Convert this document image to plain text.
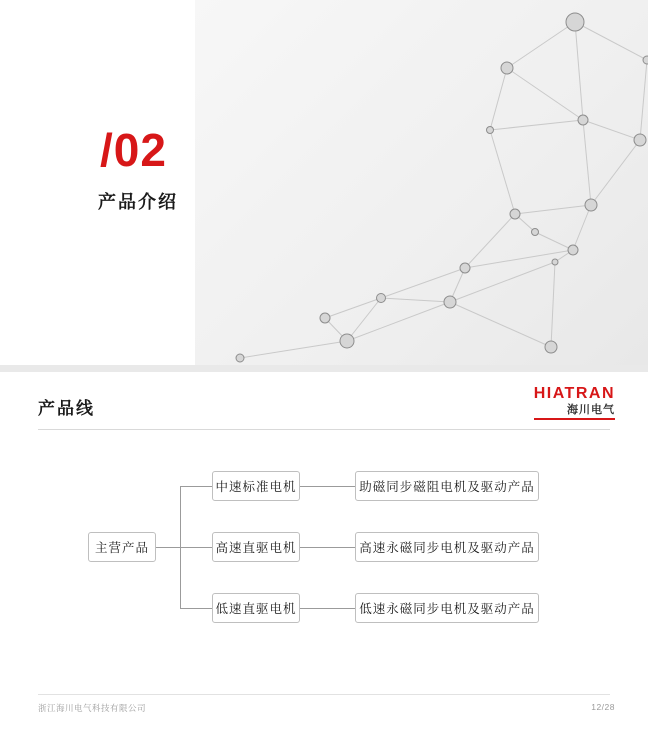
/02
产品介绍
产品线
HIATRAN
海川电气
主营产品
中速标准电机
高速直驱电机
低速直驱电机
助磁同步磁阻电机及驱动产品
高速永磁同步电机及驱动产品
低速永磁同步电机及驱动产品
浙江海川电气科技有限公司	12/28
